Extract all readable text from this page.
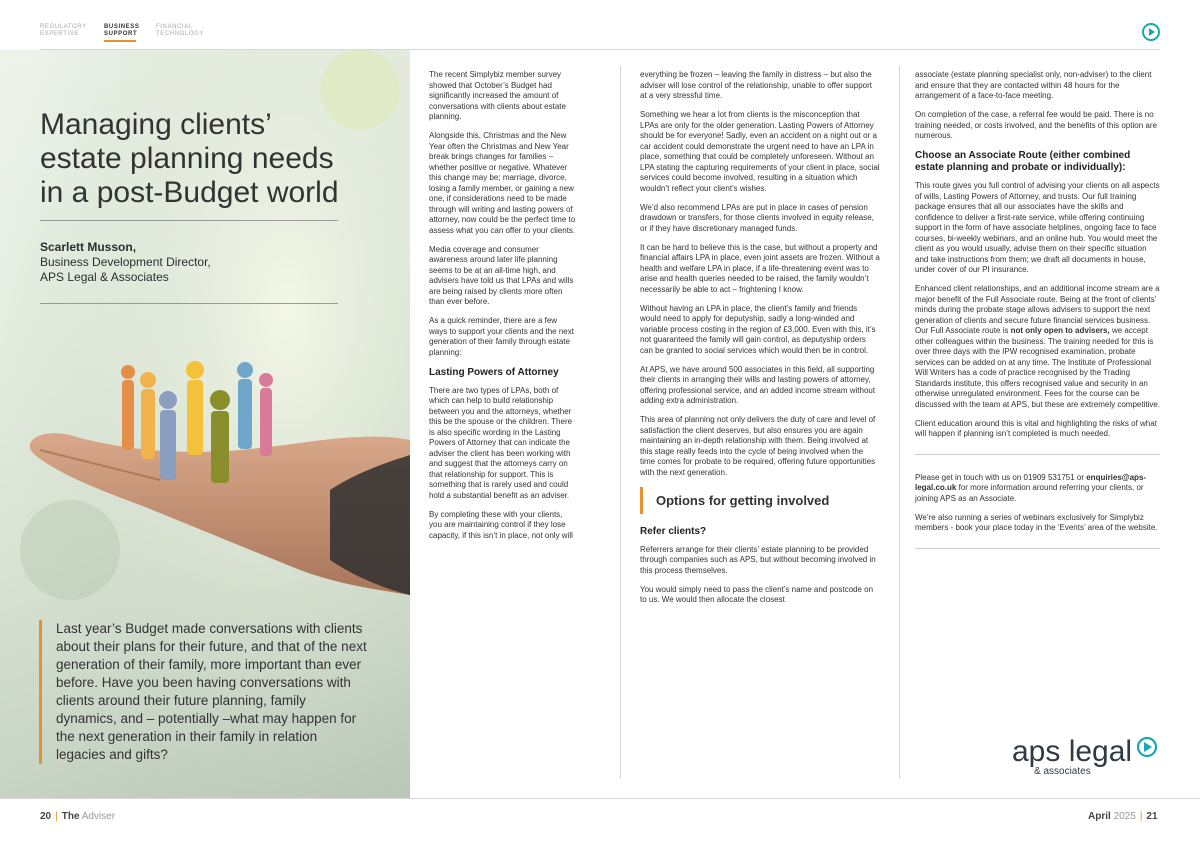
REGULATORY
EXPERTISE
BUSINESS
SUPPORT
FINANCIAL
TECHNOLOGY
Managing clients’ estate planning needs in a post-Budget world
Scarlett Musson,
Business Development Director,
APS Legal & Associates
Last year’s Budget made conversations with clients about their plans for their future, and that of the next generation of their family, more important than ever before. Have you been having conversations with clients around their future planning, family dynamics, and – potentially –what may happen for the next generation in their family in relation legacies and gifts?

The recent Simplybiz member survey showed that October’s Budget had significantly increased the amount of conversations with clients about estate planning.

Alongside this, Christmas and the New Year often the Christmas and New Year break brings changes for families – whether positive or negative. Whatever this change may be; marriage, divorce, losing a family member, or gaining a new one, if considerations need to be made through will writing and lasting powers of attorney, now could be the perfect time to assess what you can offer to your clients.

Media coverage and consumer awareness around later life planning seems to be at an all-time high, and advisers have told us that LPAs and wills are being raised by clients more often than ever before.

As a quick reminder, there are a few ways to support your clients and the next generation of their family through estate planning:

Lasting Powers of Attorney

There are two types of LPAs, both of which can help to build relationship between you and the attorneys, whether this be the spouse or the children. There is also specific wording in the Lasting Powers of Attorney that can indicate the adviser the client has been working with and suggest that the attorneys carry on that relationship for support. This is something that is rarely used and could hold a substantial benefit as an adviser.

By completing these with your clients, you are maintaining control if they lose capacity, if this isn’t in place, not only will

everything be frozen – leaving the family in distress – but also the adviser will lose control of the relationship, unable to offer support at a very stressful time.

Something we hear a lot from clients is the misconception that LPAs are only for the older generation. Lasting Powers of Attorney should be for everyone! Sadly, even an accident on a night out or a car accident could demonstrate the urgent need to have an LPA in place, something that could be completely unforeseen. Without an LPA stating the capturing requirements of your client in place, social services could become involved, resulting in a situation which wouldn’t reflect your client’s wishes.

We’d also recommend LPAs are put in place in cases of pension drawdown or transfers, for those clients involved in equity release, or if they have discretionary managed funds.

It can be hard to believe this is the case, but without a property and financial affairs LPA in place, even joint assets are frozen. Without a health and welfare LPA in place, if a life-threatening event was to arise and health queries needed to be raised, the family wouldn’t necessarily be able to act – frightening I know.

Without having an LPA in place, the client’s family and friends would need to apply for deputyship, sadly a long-winded and variable process costing in the region of £3,000. Even with this, it’s not guaranteed the family will gain control, as deputyship orders can be granted to social services which would then be in control.

At APS, we have around 500 associates in this field, all supporting their clients in arranging their wills and lasting powers of attorney, offering professional service, and an added income stream without adding extra administration.

This area of planning not only delivers the duty of care and level of satisfaction the client deserves, but also ensures you are again maintaining an in-depth relationship with them. Being involved at this stage really feeds into the cycle of being involved when the time comes for probate to be required, offering future opportunities with the next generation.

Options for getting involved
Refer clients?

Referrers arrange for their clients’ estate planning to be provided through companies such as APS, but without becoming involved in this process themselves.

You would simply need to pass the client’s name and postcode on to us. We would then allocate the closest

associate (estate planning specialist only, non-adviser) to the client and ensure that they are contacted within 48 hours for the arrangement of a face-to-face meeting.

On completion of the case, a referral fee would be paid. There is no training needed, or costs involved, and the benefits of this option are numerous.

Choose an Associate Route (either combined estate planning and probate or individually):

This route gives you full control of advising your clients on all aspects of wills, Lasting Powers of Attorney, and trusts. Our full training package ensures that all our associates have the skills and confidence to deliver a first-rate service, while offering continuing support in the form of have associate helplines, ongoing face to face courses, bi-weekly webinars, and an online hub. You would meet the client as you would usually, advise them on their specific situation and take instructions from them; we draft all documents in house, under cover of our PI insurance.

Enhanced client relationships, and an additional income stream are a major benefit of the Full Associate route. Being at the front of clients’ minds during the probate stage allows advisers to support the next generation of clients and secure future financial services business. Our Full Associate route is not only open to advisers, we accept other colleagues within the business. The training needed for this is over three days with the IPW recognised examination, probate services can be added on at any time. The Institute of Professional Will Writers has a code of practice recognised by the Trading Standards institute, this offers recognised value and security in an otherwise unregulated environment. Fees for the course can be discussed with the team at APS, but these are extremely competitive.

Client education around this is vital and highlighting the risks of what will happen if planning isn’t completed is much needed.

Please get in touch with us on 01909 531751 or enquiries@aps-legal.co.uk for more information around referring your clients, or joining APS as an Associate.

We’re also running a series of webinars exclusively for Simplybiz members - book your place today in the ‘Events’ area of the website.

aps legal
& associates
20 | The Adviser	April 2025 | 21
